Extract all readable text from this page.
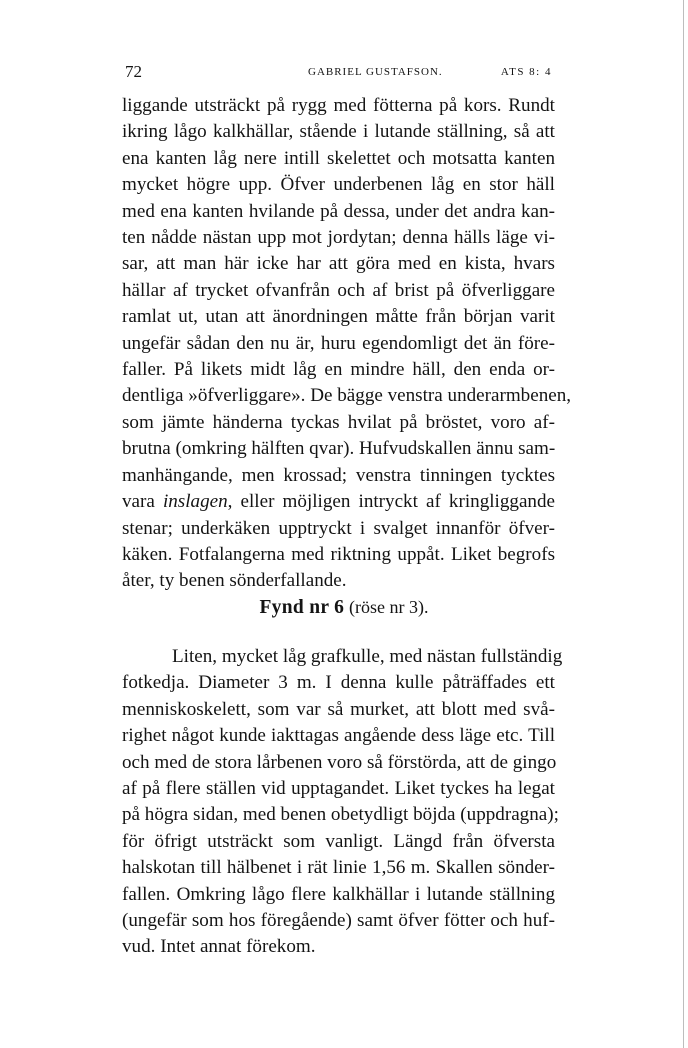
72	GABRIEL GUSTAFSON.	ATS 8: 4
liggande utsträckt på rygg med fötterna på kors. Rundt
ikring lågo kalkhällar, stående i lutande ställning, så att
ena kanten låg nere intill skelettet och motsatta kanten
mycket högre upp. Öfver underbenen låg en stor häll
med ena kanten hvilande på dessa, under det andra kan-
ten nådde nästan upp mot jordytan; denna hälls läge vi-
sar, att man här icke har att göra med en kista, hvars
hällar af trycket ofvanfrån och af brist på öfverliggare
ramlat ut, utan att änordningen måtte från början varit
ungefär sådan den nu är, huru egendomligt det än före-
faller. På likets midt låg en mindre häll, den enda or-
dentliga »öfverliggare». De bägge venstra underarmbenen,
som jämte händerna tyckas hvilat på bröstet, voro af-
brutna (omkring hälften qvar). Hufvudskallen ännu sam-
manhängande, men krossad; venstra tinningen tycktes
vara inslagen, eller möjligen intryckt af kringliggande
stenar; underkäken upptryckt i svalget innanför öfver-
käken. Fotfalangerna med riktning uppåt. Liket begrofs
åter, ty benen sönderfallande.
Fynd nr 6 (röse nr 3).
Liten, mycket låg grafkulle, med nästan fullständig
fotkedja. Diameter 3 m. I denna kulle påträffades ett
menniskoskelett, som var så murket, att blott med svå-
righet något kunde iakttagas angående dess läge etc. Till
och med de stora lårbenen voro så förstörda, att de gingo
af på flere ställen vid upptagandet. Liket tyckes ha legat
på högra sidan, med benen obetydligt böjda (uppdragna);
för öfrigt utsträckt som vanligt. Längd från öfversta
halskotan till hälbenet i rät linie 1,56 m. Skallen sönder-
fallen. Omkring lågo flere kalkhällar i lutande ställning
(ungefär som hos föregående) samt öfver fötter och huf-
vud. Intet annat förekom.
